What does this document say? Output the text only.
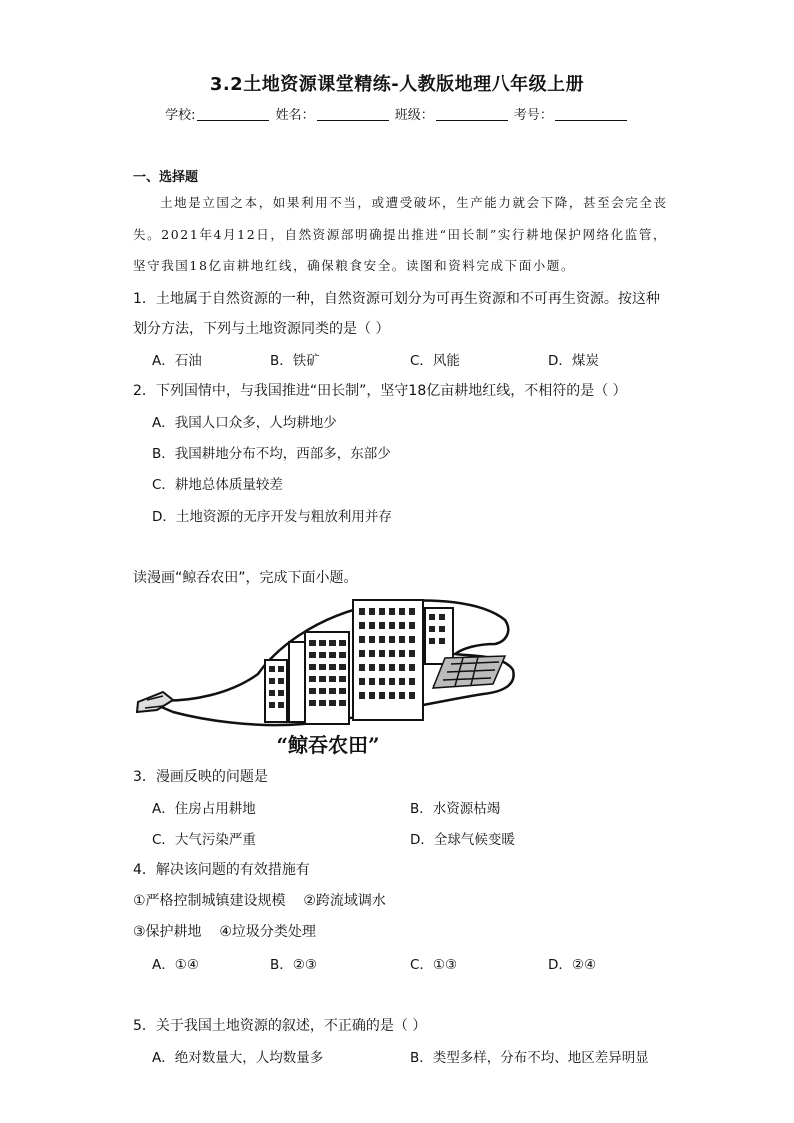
3.2土地资源课堂精练-人教版地理八年级上册
学校:	姓名：	班级：	考号：
一、选择题
土地是立国之本，如果利用不当，或遭受破坏，生产能力就会下降，甚至会完全丧
失。2021年4月12日，自然资源部明确提出推进“田长制”实行耕地保护网络化监管，
坚守我国18亿亩耕地红线，确保粮食安全。读图和资料完成下面小题。
1．土地属于自然资源的一种，自然资源可划分为可再生资源和不可再生资源。按这种
划分方法，下列与土地资源同类的是（ ）
A．石油	B．铁矿	C．风能	D．煤炭
2．下列国情中，与我国推进“田长制”，坚守18亿亩耕地红线，不相符的是（ ）
A．我国人口众多，人均耕地少
B．我国耕地分布不均，西部多，东部少
C．耕地总体质量较差
D．土地资源的无序开发与粗放利用并存
读漫画“鲸吞农田”，完成下面小题。
“鲸吞农田”
3．漫画反映的问题是
A．住房占用耕地	B．水资源枯竭
C．大气污染严重	D．全球气候变暖
4．解决该问题的有效措施有
①严格控制城镇建设规模    ②跨流域调水
③保护耕地    ④垃圾分类处理
A．①④	B．②③	C．①③	D．②④
5．关于我国土地资源的叙述，不正确的是（ ）
A．绝对数量大，人均数量多	B．类型多样，分布不均、地区差异明显
